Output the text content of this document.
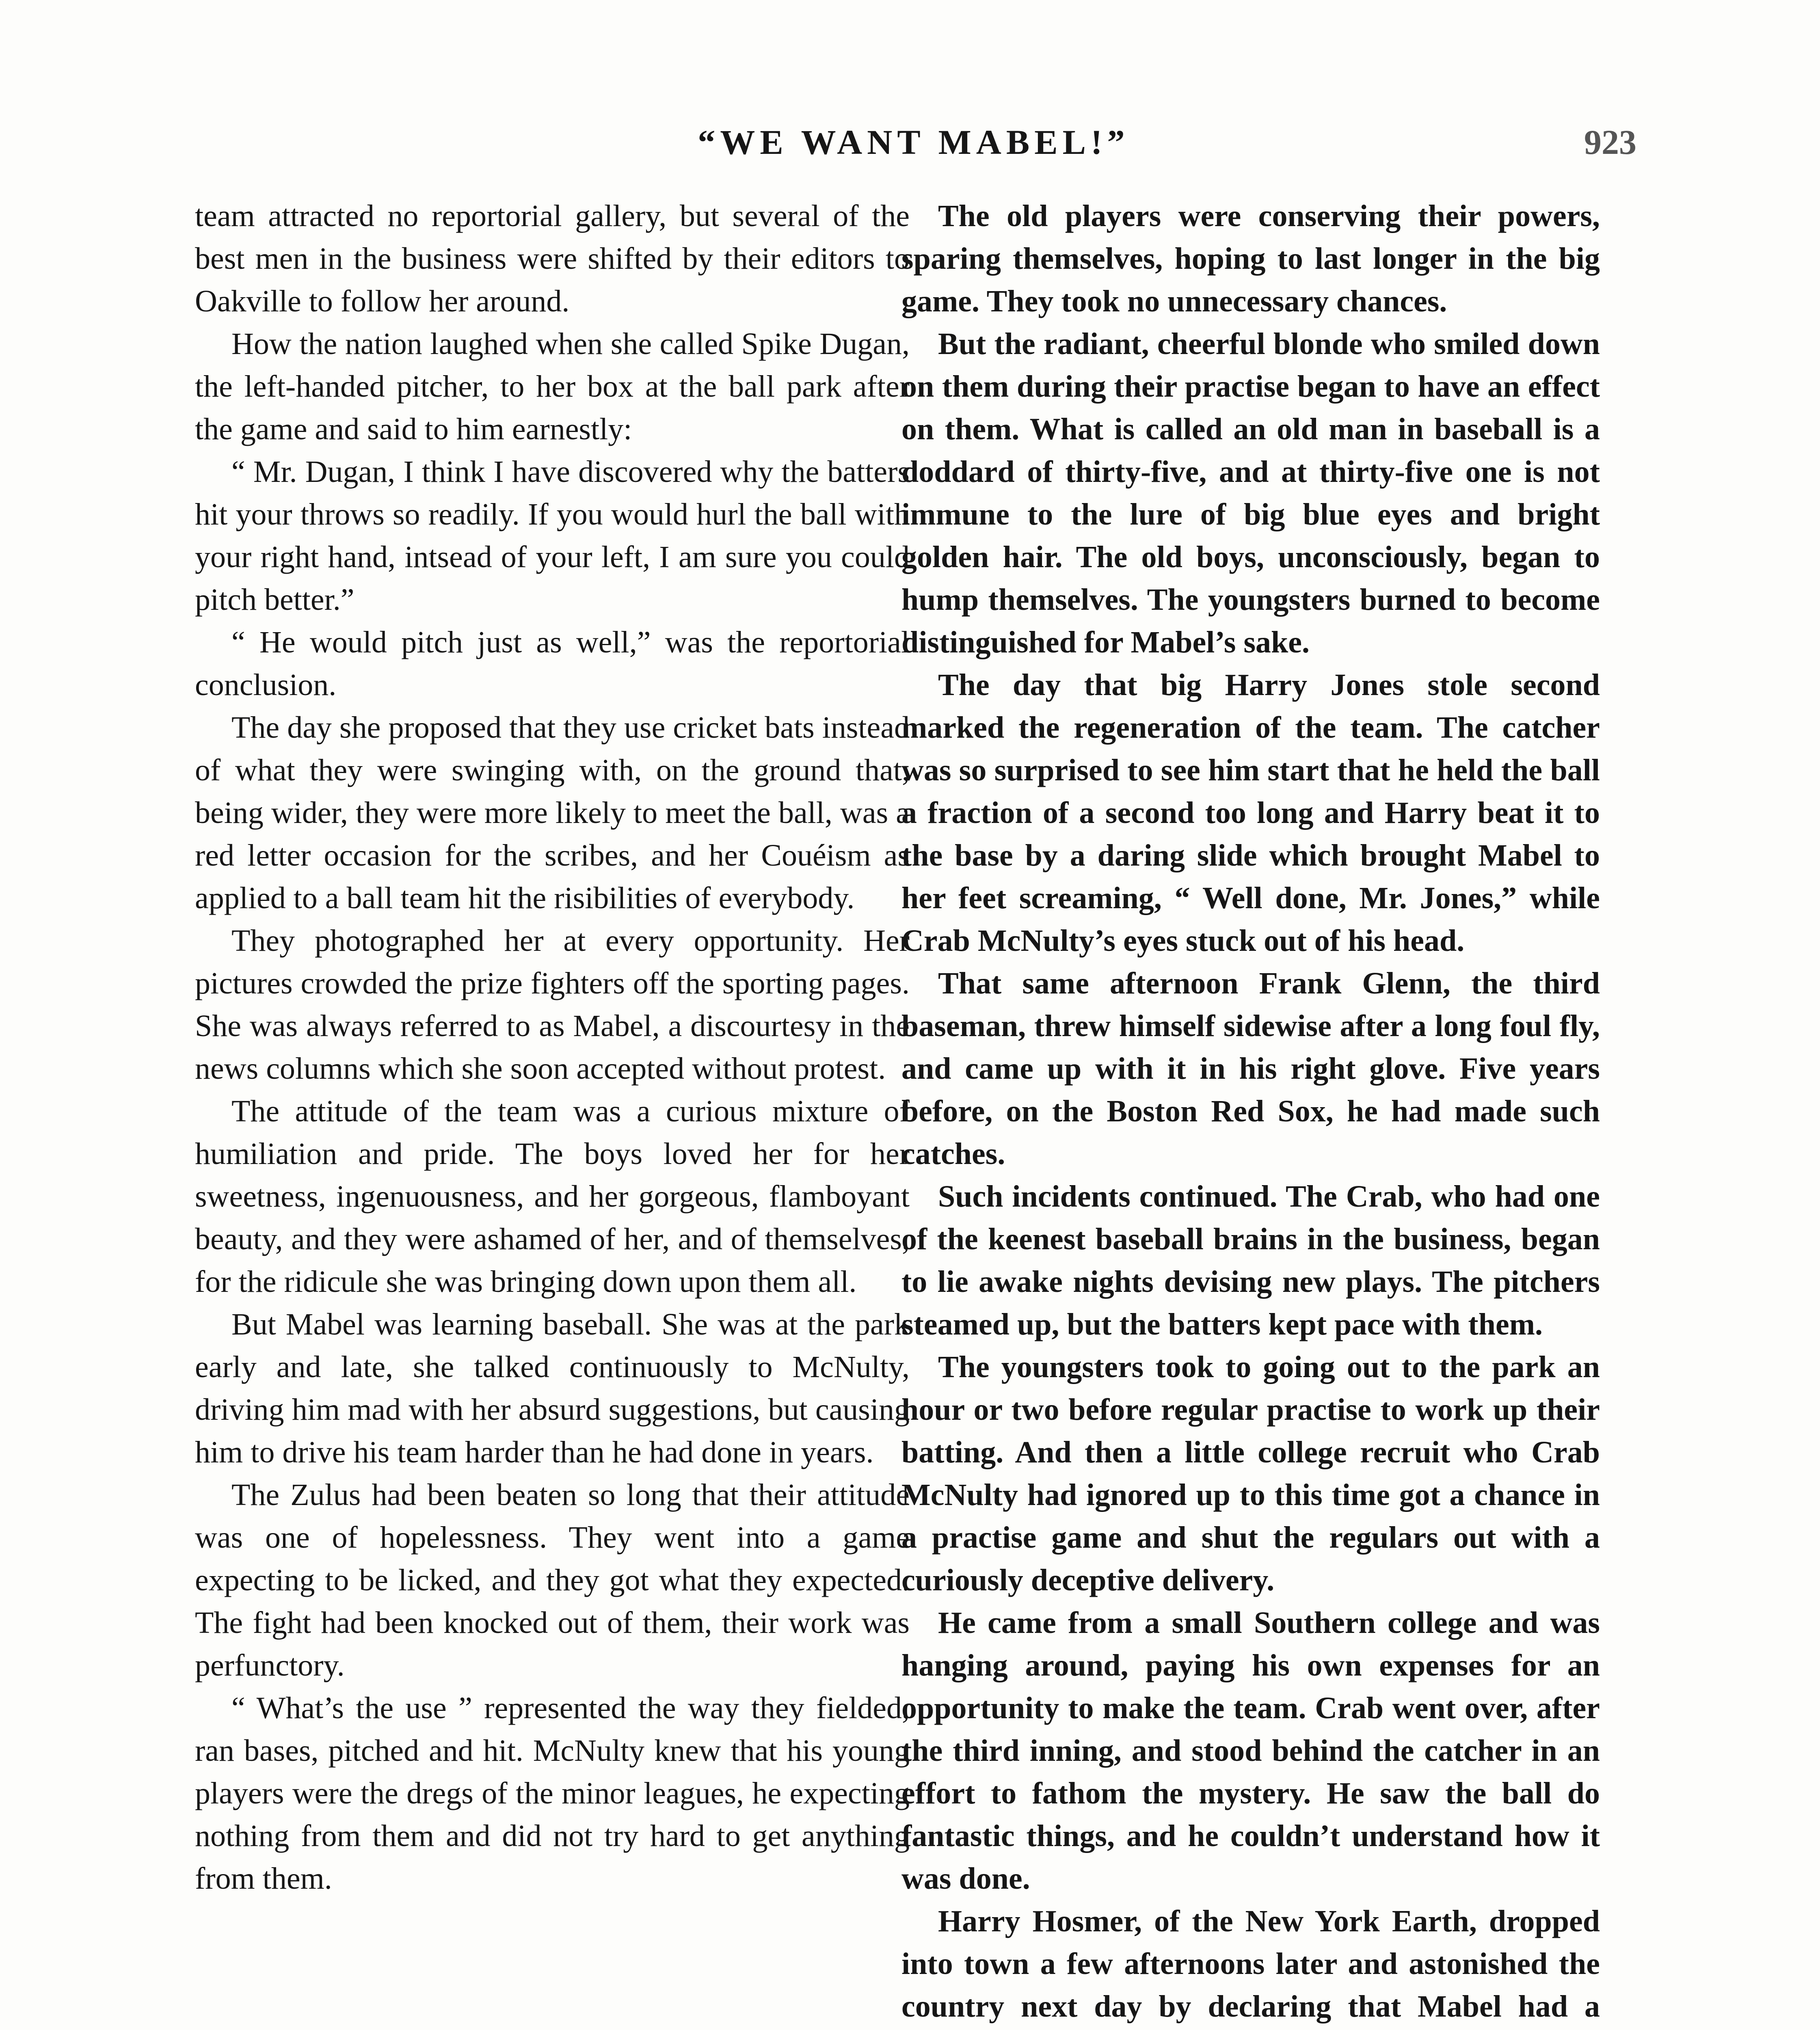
“WE WANT MABEL!”	923

team attracted no reportorial gallery, but several of the best men in the business were shifted by their editors to Oakville to follow her around.

How the nation laughed when she called Spike Dugan, the left-handed pitcher, to her box at the ball park after the game and said to him earnestly:

“ Mr. Dugan, I think I have discovered why the batters hit your throws so readily. If you would hurl the ball with your right hand, intsead of your left, I am sure you could pitch better.”

“ He would pitch just as well,” was the reportorial conclusion.

The day she proposed that they use cricket bats instead of what they were swinging with, on the ground that, being wider, they were more likely to meet the ball, was a red letter occasion for the scribes, and her Couéism as applied to a ball team hit the risibilities of everybody.

They photographed her at every opportunity. Her pictures crowded the prize fighters off the sporting pages. She was always referred to as Mabel, a discourtesy in the news columns which she soon accepted without protest.

The attitude of the team was a curious mixture of humiliation and pride. The boys loved her for her sweetness, ingenuousness, and her gorgeous, flamboyant beauty, and they were ashamed of her, and of themselves, for the ridicule she was bringing down upon them all.

But Mabel was learning baseball. She was at the park early and late, she talked continuously to McNulty, driving him mad with her absurd suggestions, but causing him to drive his team harder than he had done in years.

The Zulus had been beaten so long that their attitude was one of hopelessness. They went into a game expecting to be licked, and they got what they expected. The fight had been knocked out of them, their work was perfunctory.

“ What’s the use ” represented the way they fielded, ran bases, pitched and hit. McNulty knew that his young players were the dregs of the minor leagues, he expecting nothing from them and did not try hard to get anything from them.

The old players were conserving their powers, sparing themselves, hoping to last longer in the big game. They took no unnecessary chances.

But the radiant, cheerful blonde who smiled down on them during their practise began to have an effect on them. What is called an old man in baseball is a doddard of thirty-five, and at thirty-five one is not immune to the lure of big blue eyes and bright golden hair. The old boys, unconsciously, began to hump themselves. The youngsters burned to become distinguished for Mabel’s sake.

The day that big Harry Jones stole second marked the regeneration of the team. The catcher was so surprised to see him start that he held the ball a fraction of a second too long and Harry beat it to the base by a daring slide which brought Mabel to her feet screaming, “ Well done, Mr. Jones,” while Crab McNulty’s eyes stuck out of his head.

That same afternoon Frank Glenn, the third baseman, threw himself sidewise after a long foul fly, and came up with it in his right glove. Five years before, on the Boston Red Sox, he had made such catches.

Such incidents continued. The Crab, who had one of the keenest baseball brains in the business, began to lie awake nights devising new plays. The pitchers steamed up, but the batters kept pace with them.

The youngsters took to going out to the park an hour or two before regular practise to work up their batting. And then a little college recruit who Crab McNulty had ignored up to this time got a chance in a practise game and shut the regulars out with a curiously deceptive delivery.

He came from a small Southern college and was hanging around, paying his own expenses for an opportunity to make the team. Crab went over, after the third inning, and stood behind the catcher in an effort to fathom the mystery. He saw the ball do fantastic things, and he couldn’t understand how it was done.

Harry Hosmer, of the New York Earth, dropped into town a few afternoons later and astonished the country next day by declaring that Mabel had a
